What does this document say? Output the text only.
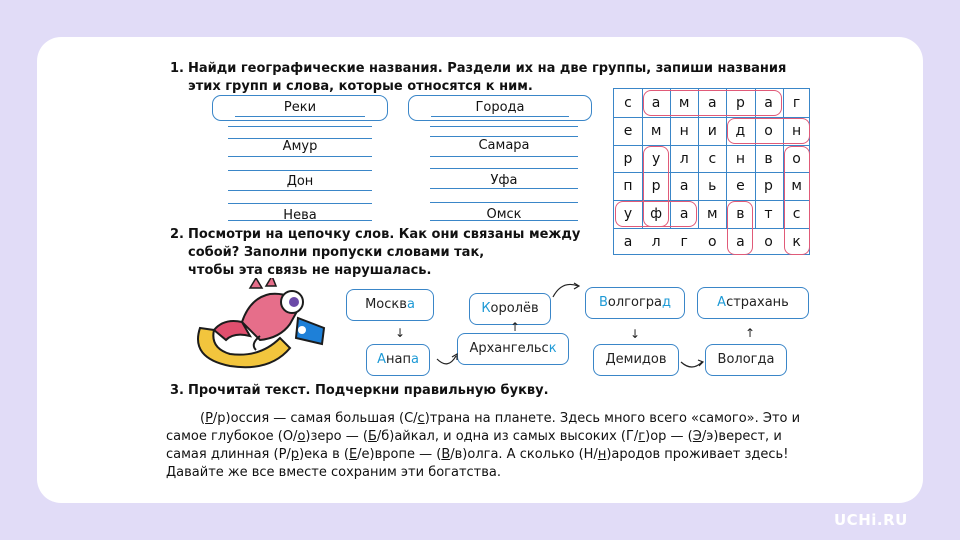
UCHi.RU
1. Найди географические названия. Раздели их на две группы, запиши названия этих групп и слова, которые относятся к ним.
Реки
Амур
Дон
Нева
Города
Самара
Уфа
Омск
с	а	м	а	р	а	г
е	м	н	и	д	о	н
р	у	л	с	н	в	о
п	р	а	ь	е	р	м
у	ф	а	м	в	т	с
а	л	г	о	а	о	к
2. Посмотри на цепочку слов. Как они связаны между
собой? Заполни пропуски словами так,
чтобы эта связь не нарушалась.
Москва	Королёв	Волгоград	Астрахань
Анапа
Архангельск
Демидов	Вологда
↓	↑	↓	↑
3. Прочитай текст. Подчеркни правильную букву.
(Р/р)оссия — самая большая (С/с)трана на планете. Здесь много всего «самого». Это и самое глубокое (О/о)зеро — (Б/б)айкал, и одна из самых высоких (Г/г)ор — (Э/э)верест, и самая длинная (Р/р)ека в (Е/е)вропе — (В/в)олга. А сколько (Н/н)ародов проживает здесь! Давайте же все вместе сохраним эти богатства.
